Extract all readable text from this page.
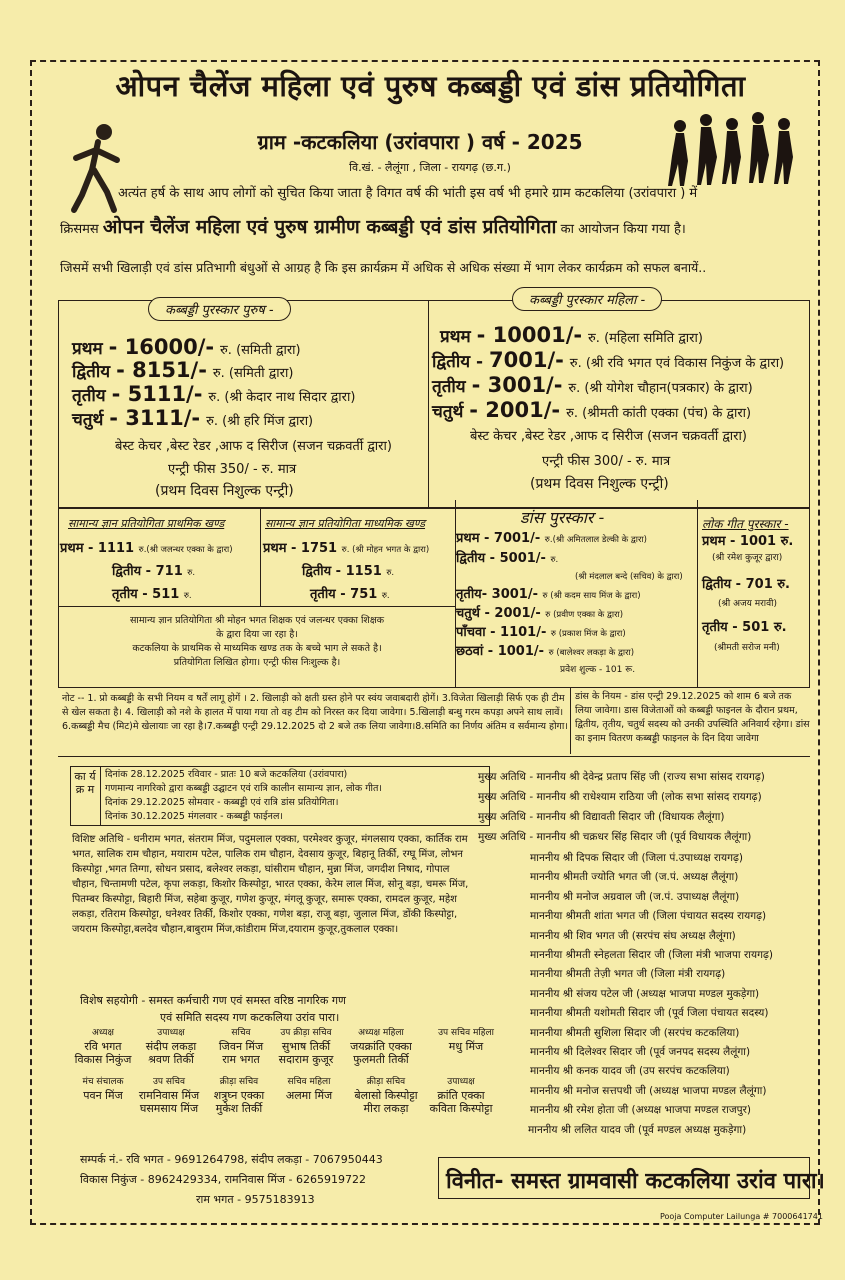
ओपन चैलेंज महिला एवं पुरुष कब्बड्डी एवं डांस प्रतियोगिता
ग्राम -कटकलिया (उरांवपारा ) वर्ष - 2025
वि.खं. - लैलूंगा , जिला - रायगढ़ (छ.ग.)
अत्यंत हर्ष के साथ आप लोगों को सुचित किया जाता है विगत वर्ष की भांती इस वर्ष भी हमारे ग्राम कटकलिया (उरांवपारा ) में
क्रिसमस ओपन चैलेंज महिला एवं पुरुष ग्रामीण कब्बड्डी एवं डांस प्रतियोगिता का आयोजन किया गया है।
जिसमें सभी खिलाड़ी एवं डांस प्रतिभागी बंधुओं से आग्रह है कि इस क्रार्यक्रम में अधिक से अधिक संख्या में भाग लेकर कार्यक्रम को सफल बनायें..
कब्बड्डी पुरस्कार पुरुष -
कब्बड्डी पुरस्कार महिला -
प्रथम - 16000/- रु. (समिती द्वारा)
द्वितीय - 8151/- रु. (समिती द्वारा)
तृतीय - 5111/- रु. (श्री केदार नाथ सिदार द्वारा)
चतुर्थ - 3111/- रु. (श्री हरि मिंज द्वारा)
बेस्ट केचर ,बेस्ट रेडर ,आफ द सिरीज (सजन चक्रवर्ती द्वारा)
एन्ट्री फीस 350/ - रु. मात्र
(प्रथम दिवस निशुल्क एन्ट्री)
प्रथम - 10001/- रु. (महिला समिति द्वारा)
द्वितीय - 7001/- रु. (श्री रवि भगत एवं विकास निकुंज के द्वारा)
तृतीय - 3001/- रु. (श्री योगेश चौहान(पत्रकार) के द्वारा)
चतुर्थ - 2001/- रु. (श्रीमती कांती एक्का (पंच) के द्वारा)
बेस्ट केचर ,बेस्ट रेडर ,आफ द सिरीज (सजन चक्रवर्ती द्वारा)
एन्ट्री फीस 300/ - रु. मात्र
(प्रथम दिवस निशुल्क एन्ट्री)
सामान्य ज्ञान प्रतियोगिता प्राथमिक खण्ड
प्रथम - 1111 रु.(श्री जलन्धर एक्का के द्वारा)
द्वितीय - 711 रु.
तृतीय - 511 रु.
सामान्य ज्ञान प्रतियोगिता माध्यमिक खण्ड
प्रथम - 1751 रु. (श्री मोहन भगत के द्वारा)
द्वितीय - 1151 रु.
तृतीय - 751 रु.
सामान्य ज्ञान प्रतियोगिता श्री मोहन भगत शिक्षक एवं जलन्धर एक्का शिक्षक
के द्वारा दिया जा रहा है।
कटकलिया के प्राथमिक से माध्यमिक खण्ड तक के बच्चे भाग ले सकते है।
प्रतियोगिता लिखित होगा। एन्ट्री फीस निःशुल्क है।
डांस पुरस्कार -
प्रथम - 7001/- रु.(श्री अमितलाल डेल्की के द्वारा)
द्वितीय - 5001/- रु.
(श्री मंदलाल बन्दे (सचिव) के द्वारा)
तृतीय- 3001/- रु (श्री कदम साय मिंज के द्वारा)
चतुर्थ - 2001/- रु (प्रवीण एक्का के द्वारा)
पाँचवा - 1101/- रु (प्रकाश मिंज के द्वारा)
छठवां - 1001/- रु (बालेश्वर लकड़ा के द्वारा)
प्रवेश शुल्क - 101 रू.
लोक गीत पुरस्कार -
प्रथम - 1001 रु.
(श्री रमेश कुजूर द्वारा)
द्वितीय - 701 रु.
(श्री अजय मरावी)
तृतीय - 501 रु.
(श्रीमती सरोज मनी)
नोट -- 1. प्रो कब्बड्डी के सभी नियम व षर्तें लागू होगें । 2. खिलाड़ी को क्षती ग्रस्त होने पर स्वंय जवाबदारी होगें। 3.विजेता खिलाड़ी सिर्फ एक ही टीम से खेल सकता है। 4. खिलाड़ी को नशे के हालत में पाया गया तो वह टीम को निरस्त कर दिया जावेगा। 5.खिलाड़ी बन्धु गरम कपड़ा अपने साथ लावें। 6.कब्बड्डी मैच (मिट)मे खेलायाः जा रहा है।7.कब्बड्डी एन्ट्री 29.12.2025 दो 2 बजे तक लिया जावेगा।8.समिति का निर्णय अंतिम व सर्वमान्य होगा।
डांस के नियम - डांस एन्ट्री 29.12.2025 को शाम 6 बजे तक लिया जावेगा। डास विजेताओं को कब्बड्डी फाइनल के दौरान प्रथम, द्वितीय, तृतीय, चतुर्थ सदस्य को उनकी उपस्थिति अनिवार्य रहेगा। डांस का इनाम वितरण कब्बड्डी फाइनल के दिन दिया जावेगा
का र्य क्र म
दिनांक 28.12.2025 रविवार - प्रातः 10 बजे कटकलिया (उरांवपारा)
गणमान्य नागरिको द्वारा कब्बड्डी उद्घाटन एवं रात्रि कालीन सामान्य ज्ञान, लोक गीत।
दिनांक 29.12.2025 सोमवार - कब्बड्डी एवं रात्रि डांस प्रतियोगिता।
दिनांक 30.12.2025 मंगलवार - कब्बड्डी फाईनल।
मुख्य अतिथि - माननीय श्री देवेन्द्र प्रताप सिंह जी (राज्य सभा सांसद रायगढ़)
मुख्य अतिथि - माननीय श्री राधेश्याम राठिया जी (लोक सभा सांसद रायगढ़)
मुख्य अतिथि - माननीय श्री विद्यावती सिदार जी (विधायक लैलूंगा)
मुख्य अतिथि - माननीय श्री चक्रधर सिंह सिदार जी (पूर्व विधायक लैलूंगा)
माननीय श्री दिपक सिदार जी (जिला पं.उपाध्यक्ष रायगढ़)
माननीय श्रीमती ज्योति भगत जी (ज.पं. अध्यक्ष लैलूंगा)
माननीय श्री मनोज अग्रवाल जी (ज.पं. उपाध्यक्ष लैलूंगा)
माननीया श्रीमती शांता भगत जी (जिला पंचायत सदस्य रायगढ़)
माननीय श्री शिव भगत जी (सरपंच संघ अध्यक्ष लैलूंगा)
माननीया श्रीमती स्नेहलता सिदार जी (जिला मंत्री भाजपा रायगढ़)
माननीया श्रीमती तेज़ी भगत जी (जिला मंत्री रायगढ़)
माननीय श्री संजय पटेल जी (अध्यक्ष भाजपा मण्डल मुकड़ेगा)
माननीया श्रीमती यशोमती सिदार जी (पूर्व जिला पंचायत सदस्य)
माननीया श्रीमती सुशिला सिदार जी (सरपंच कटकलिया)
माननीय श्री दिलेश्वर सिदार जी (पूर्व जनपद सदस्य लैलूंगा)
माननीय श्री कनक यादव जी (उप सरपंच कटकलिया)
माननीय श्री मनोज सत्तपथी जी (अध्यक्ष भाजपा मण्डल लैलूंगा)
माननीय श्री रमेश होता जी (अध्यक्ष भाजपा मण्डल राजपुर)
माननीय श्री ललित यादव जी (पूर्व मण्डल अध्यक्ष मुकड़ेगा)
विशिष्ट अतिथि - धनीराम भगत, संतराम मिंज, पदुमलाल एक्का, परमेश्वर कुजूर, मंगलसाय एक्का, कार्तिक राम भगत, सालिक राम चौहान, मयाराम पटेल, पालिक राम चौहान, देवसाय कुजूर, बिहानू तिर्की, रग्घू मिंज, लोभन किस्पोट्टा ,भगत तिग्गा, सोधन प्रसाद, बलेश्वर लकड़ा, घांसीराम चौहान, मुन्ना मिंज, जगदीश निषाद, गोपाल चौहान, चिन्तामणी पटेल, कृपा लकड़ा, किशोर किस्पोट्टा, भारत एक्का, केरेम लाल मिंज, सोनू बड़ा, चमरू मिंज, पितम्बर किस्पोट्टा, बिहारी मिंज, सहेबा कुजूर, गणेश कुजूर, मंगलू कुजूर, समारू एक्का, रामदल कुजूर, महेश लकड़ा, रतिराम किस्पोट्टा, धनेश्वर तिर्की, किशोर एक्का, गणेश बड़ा, राजू बड़ा, जुलाल मिंज, डोंकी किस्पोट्टा, जयराम किस्पोट्टा,बलदेव चौहान,बाबुराम मिंज,कांडीराम मिंज,दयाराम कुजूर,तुकलाल एक्का।
विशेष सहयोगी - समस्त कर्मचारी गण एवं समस्त वरिष्ठ नागरिक गण
एवं समिति सदस्य गण कटकलिया उरांव पारा।
अध्यक्ष
रवि भगत
विकास निकुंज
उपाध्यक्ष
संदीप लकड़ा
श्रवण तिर्की
सचिव
जिवन मिंज
राम भगत
उप क्रीड़ा सचिव
सुभाष तिर्की
सदाराम कुजूर
अध्यक्ष महिला
जयक्रांति एक्का
फुलमती तिर्की
उप सचिव महिला
मधु मिंज
मंच संचालक
पवन मिंज
उप सचिव
रामनिवास मिंज
घसमसाय मिंज
क्रीड़ा सचिव
शत्रुघ्न एक्का
मुकेश तिर्की
सचिव महिला
अलमा मिंज
क्रीड़ा सचिव
बेलासो किस्पोट्टा
मीरा लकड़ा
उपाध्यक्ष
क्रांति एक्का
कविता किस्पोट्टा
सम्पर्क नं.- रवि भगत - 9691264798, संदीप लकड़ा - 7067950443
विकास निकुंज - 8962429334, रामनिवास मिंज - 6265919722
राम भगत - 9575183913
विनीत- समस्त ग्रामवासी कटकलिया उरांव पारा।
Pooja Computer Lailunga # 7000641741
